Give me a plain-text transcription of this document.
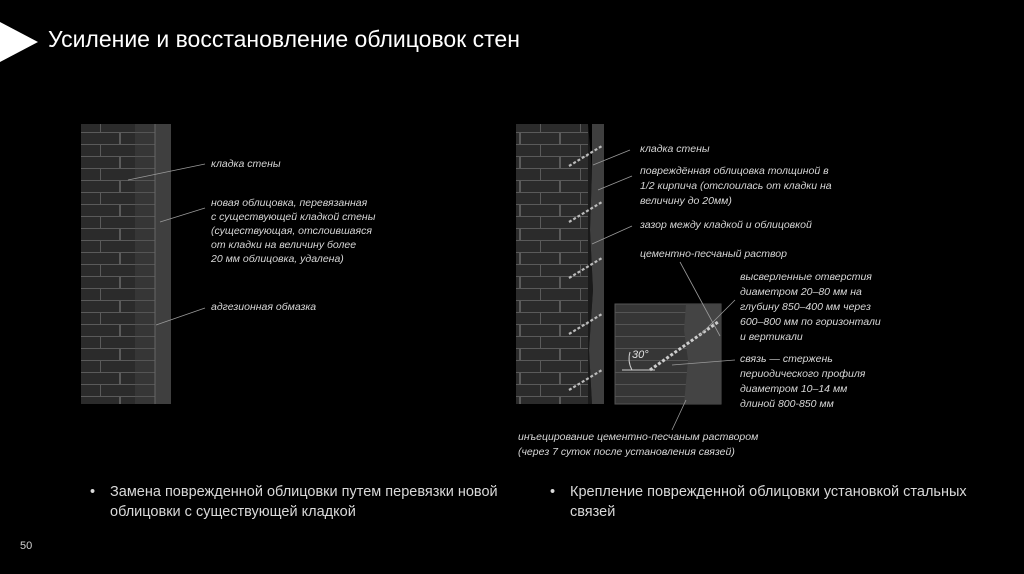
Усиление и восстановление облицовок стен
кладка стены
новая облицовка, перевязанная
с существующей кладкой стены
(существующая, отслоившаяся
от кладки на величину более
20 мм облицовка, удалена)
адгезионная обмазка
30°
кладка стены
повреждённая облицовка толщиной в
1/2 кирпича (отслоилась от кладки на
величину до 20мм)
зазор между кладкой и облицовкой
цементно-песчаный раствор
высверленные отверстия
диаметром 20–80 мм на
глубину 850–400 мм через
600–800 мм по горизонтали
и вертикали
связь — стержень
периодического профиля
диаметром 10–14 мм
длиной 800-850 мм
инъецирование цементно-песчаным раствором
(через 7 суток после установления связей)
• Замена поврежденной облицовки путем перевязки новой облицовки с существующей кладкой
• Крепление поврежденной облицовки установкой стальных связей
50
